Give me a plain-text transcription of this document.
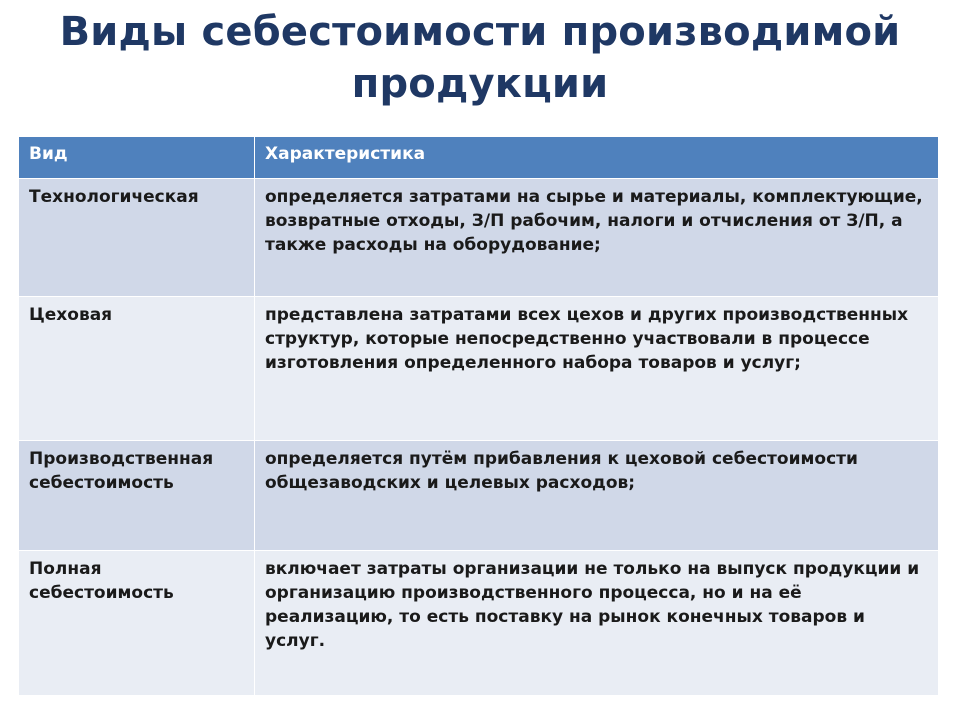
Виды себестоимости производимой
продукции
Вид	Характеристика
Технологическая	определяется затратами на сырье и материалы, комплектующие, возвратные отходы, З/П рабочим, налоги и отчисления от З/П, а также расходы на оборудование;
Цеховая	представлена затратами всех цехов и других производственных структур, которые непосредственно участвовали в процессе изготовления определенного набора товаров и услуг;
Производственная себестоимость	определяется путём прибавления к цеховой себестоимости общезаводских и целевых расходов;
Полная себестоимость	включает затраты организации не только на выпуск продукции и организацию производственного процесса, но и на её реализацию, то есть поставку на рынок конечных товаров и услуг.
